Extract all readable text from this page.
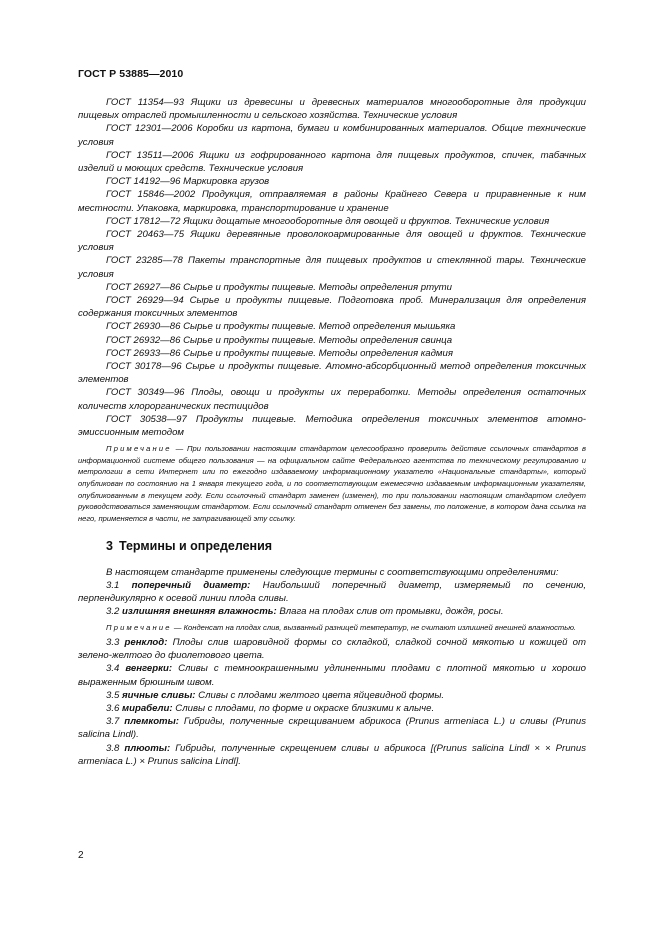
ГОСТ Р 53885—2010

ГОСТ 11354—93 Ящики из древесины и древесных материалов многооборотные для продукции пищевых отраслей промышленности и сельского хозяйства. Технические условия

ГОСТ 12301—2006 Коробки из картона, бумаги и комбинированных материалов. Общие технические условия

ГОСТ 13511—2006 Ящики из гофрированного картона для пищевых продуктов, спичек, табачных изделий и моющих средств. Технические условия

ГОСТ 14192—96 Маркировка грузов

ГОСТ 15846—2002 Продукция, отправляемая в районы Крайнего Севера и приравненные к ним местности. Упаковка, маркировка, транспортирование и хранение

ГОСТ 17812—72 Ящики дощатые многооборотные для овощей и фруктов. Технические условия

ГОСТ 20463—75 Ящики деревянные проволокоармированные для овощей и фруктов. Технические условия

ГОСТ 23285—78 Пакеты транспортные для пищевых продуктов и стеклянной тары. Технические условия

ГОСТ 26927—86 Сырье и продукты пищевые. Методы определения ртути

ГОСТ 26929—94 Сырье и продукты пищевые. Подготовка проб. Минерализация для определения содержания токсичных элементов

ГОСТ 26930—86 Сырье и продукты пищевые. Метод определения мышьяка

ГОСТ 26932—86 Сырье и продукты пищевые. Методы определения свинца

ГОСТ 26933—86 Сырье и продукты пищевые. Методы определения кадмия

ГОСТ 30178—96 Сырье и продукты пищевые. Атомно-абсорбционный метод определения токсичных элементов

ГОСТ 30349—96 Плоды, овощи и продукты их переработки. Методы определения остаточных количеств хлорорганических пестицидов

ГОСТ 30538—97 Продукты пищевые. Методика определения токсичных элементов атомно-эмиссионным методом

Примечание — При пользовании настоящим стандартом целесообразно проверить действие ссылочных стандартов в информационной системе общего пользования — на официальном сайте Федерального агентства по техническому регулированию и метрологии в сети Интернет или по ежегодно издаваемому информационному указателю «Национальные стандарты», который опубликован по состоянию на 1 января текущего года, и по соответствующим ежемесячно издаваемым информационным указателям, опубликованным в текущем году. Если ссылочный стандарт заменен (изменен), то при пользовании настоящим стандартом следует руководствоваться заменяющим стандартом. Если ссылочный стандарт отменен без замены, то положение, в котором дана ссылка на него, применяется в части, не затрагивающей эту ссылку.

3 Термины и определения

В настоящем стандарте применены следующие термины с соответствующими определениями:

3.1 поперечный диаметр: Наибольший поперечный диаметр, измеряемый по сечению, перпендикулярно к осевой линии плода сливы.

3.2 излишняя внешняя влажность: Влага на плодах слив от промывки, дождя, росы.

Примечание — Конденсат на плодах слив, вызванный разницей температур, не считают излишней внешней влажностью.

3.3 ренклод: Плоды слив шаровидной формы со складкой, сладкой сочной мякотью и кожицей от зелено-желтого до фиолетового цвета.

3.4 венгерки: Сливы с темноокрашенными удлиненными плодами с плотной мякотью и хорошо выраженным брюшным швом.

3.5 яичные сливы: Сливы с плодами желтого цвета яйцевидной формы.

3.6 мирабели: Сливы с плодами, по форме и окраске близкими к алыче.

3.7 племкоты: Гибриды, полученные скрещиванием абрикоса (Prunus armeniaca L.) и сливы (Prunus salicina Lindl).

3.8 плюоты: Гибриды, полученные скрещением сливы и абрикоса [(Prunus salicina Lindl × × Prunus armeniaca L.) × Prunus salicina Lindl].

2
